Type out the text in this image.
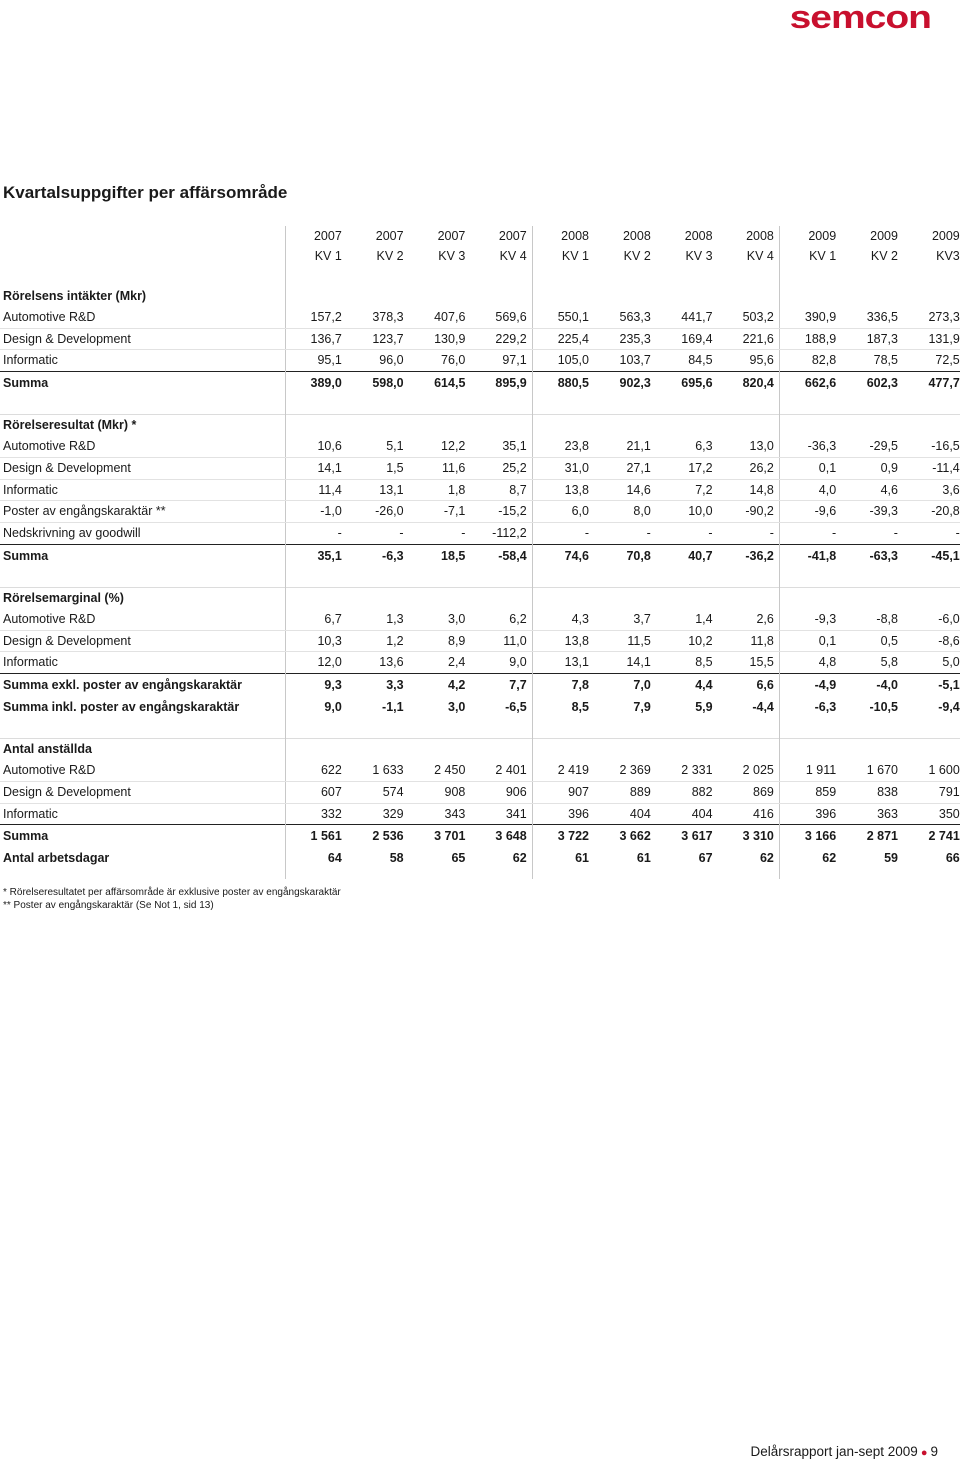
semcon
Kvartalsuppgifter per affärsområde
	2007	2007	2007	2007	2008	2008	2008	2008	2009	2009	2009
	KV 1	KV 2	KV 3	KV 4	KV 1	KV 2	KV 3	KV 4	KV 1	KV 2	KV3

Rörelsens intäkter (Mkr)											
Automotive R&D	157,2	378,3	407,6	569,6	550,1	563,3	441,7	503,2	390,9	336,5	273,3
Design & Development	136,7	123,7	130,9	229,2	225,4	235,3	169,4	221,6	188,9	187,3	131,9
Informatic	95,1	96,0	76,0	97,1	105,0	103,7	84,5	95,6	82,8	78,5	72,5
Summa	389,0	598,0	614,5	895,9	880,5	902,3	695,6	820,4	662,6	602,3	477,7

Rörelseresultat (Mkr) *											
Automotive R&D	10,6	5,1	12,2	35,1	23,8	21,1	6,3	13,0	-36,3	-29,5	-16,5
Design & Development	14,1	1,5	11,6	25,2	31,0	27,1	17,2	26,2	0,1	0,9	-11,4
Informatic	11,4	13,1	1,8	8,7	13,8	14,6	7,2	14,8	4,0	4,6	3,6
Poster av engångskaraktär **	-1,0	-26,0	-7,1	-15,2	6,0	8,0	10,0	-90,2	-9,6	-39,3	-20,8
Nedskrivning av goodwill	-	-	-	-112,2	-	-	-	-	-	-	-
Summa	35,1	-6,3	18,5	-58,4	74,6	70,8	40,7	-36,2	-41,8	-63,3	-45,1

Rörelsemarginal (%)											
Automotive R&D	6,7	1,3	3,0	6,2	4,3	3,7	1,4	2,6	-9,3	-8,8	-6,0
Design & Development	10,3	1,2	8,9	11,0	13,8	11,5	10,2	11,8	0,1	0,5	-8,6
Informatic	12,0	13,6	2,4	9,0	13,1	14,1	8,5	15,5	4,8	5,8	5,0
Summa exkl. poster av engångskaraktär	9,3	3,3	4,2	7,7	7,8	7,0	4,4	6,6	-4,9	-4,0	-5,1
Summa inkl. poster av engångskaraktär	9,0	-1,1	3,0	-6,5	8,5	7,9	5,9	-4,4	-6,3	-10,5	-9,4

Antal anställda											
Automotive R&D	622	1 633	2 450	2 401	2 419	2 369	2 331	2 025	1 911	1 670	1 600
Design & Development	607	574	908	906	907	889	882	869	859	838	791
Informatic	332	329	343	341	396	404	404	416	396	363	350
Summa	1 561	2 536	3 701	3 648	3 722	3 662	3 617	3 310	3 166	2 871	2 741
Antal arbetsdagar	64	58	65	62	61	61	67	62	62	59	66

* Rörelseresultatet per affärsområde är exklusive poster av engångskaraktär
** Poster av engångskaraktär (Se Not 1, sid 13)
Delårsrapport jan-sept 2009 ● 9
